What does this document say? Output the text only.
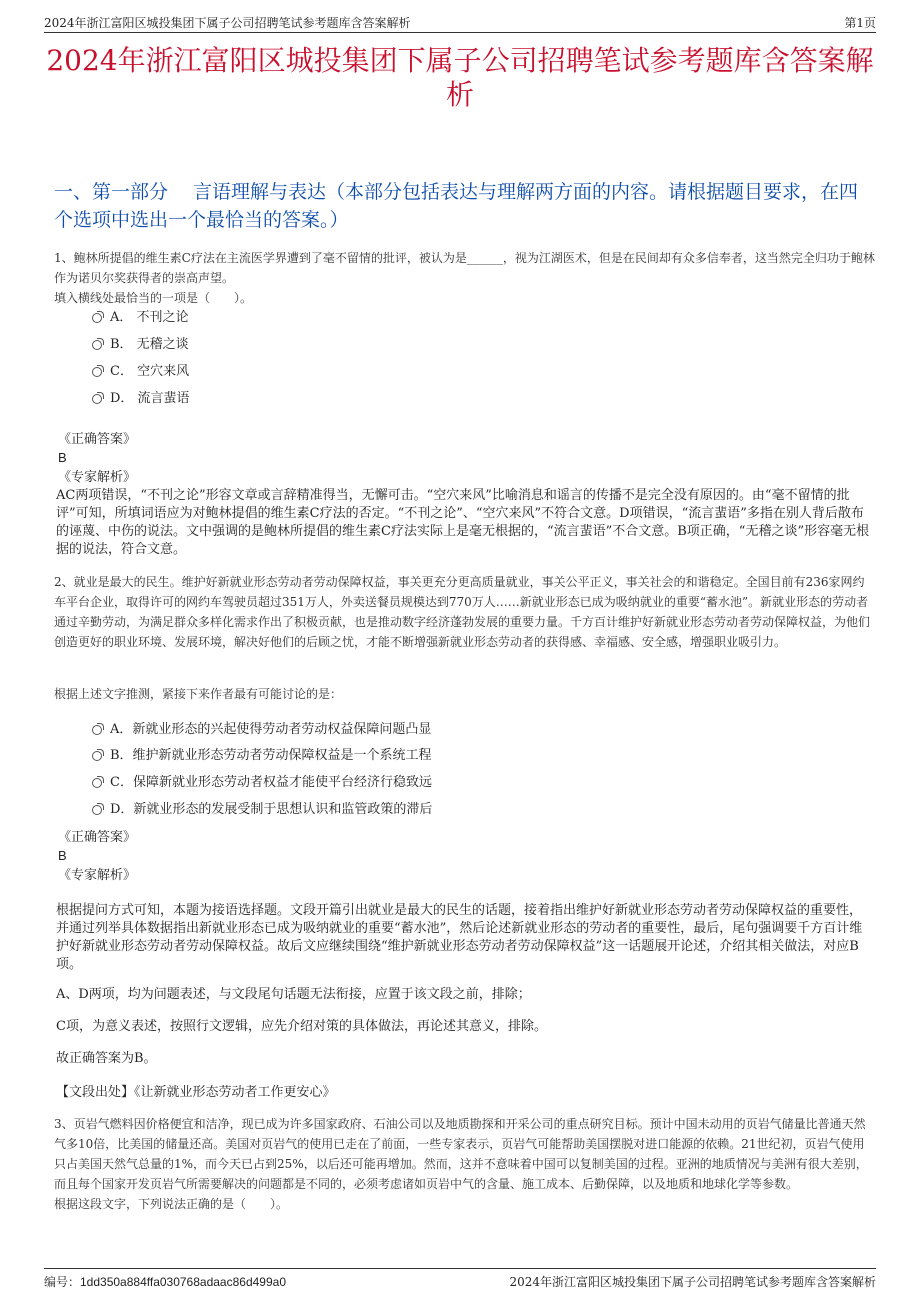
2024年浙江富阳区城投集团下属子公司招聘笔试参考题库含答案解析	第1页
2024年浙江富阳区城投集团下属子公司招聘笔试参考题库含答案解析
一、第一部分　 言语理解与表达（本部分包括表达与理解两方面的内容。请根据题目要求，在四个选项中选出一个最恰当的答案。）

1、鲍林所提倡的维生素C疗法在主流医学界遭到了毫不留情的批评，被认为是______，视为江湖医术，但是在民间却有众多信奉者，这当然完全归功于鲍林作为诺贝尔奖获得者的崇高声望。

填入横线处最恰当的一项是（　　）。

A． 不刊之论
B． 无稽之谈
C． 空穴来风
D． 流言蜚语
《正确答案》
B
《专家解析》

AC两项错误，“不刊之论”形容文章或言辞精准得当，无懈可击。“空穴来风”比喻消息和谣言的传播不是完全没有原因的。由“毫不留情的批评”可知，所填词语应为对鲍林提倡的维生素C疗法的否定。“不刊之论”、“空穴来风”不符合文意。D项错误，“流言蜚语”多指在别人背后散布的诬蔑、中伤的说法。文中强调的是鲍林所提倡的维生素C疗法实际上是毫无根据的，“流言蜚语”不合文意。B项正确，“无稽之谈”形容毫无根据的说法，符合文意。

2、就业是最大的民生。维护好新就业形态劳动者劳动保障权益，事关更充分更高质量就业，事关公平正义，事关社会的和谐稳定。全国目前有236家网约车平台企业，取得许可的网约车驾驶员超过351万人，外卖送餐员规模达到770万人……新就业形态已成为吸纳就业的重要“蓄水池”。新就业形态的劳动者通过辛勤劳动，为满足群众多样化需求作出了积极贡献，也是推动数字经济蓬勃发展的重要力量。千方百计维护好新就业形态劳动者劳动保障权益，为他们创造更好的职业环境、发展环境，解决好他们的后顾之忧，才能不断增强新就业形态劳动者的获得感、幸福感、安全感，增强职业吸引力。

根据上述文字推测，紧接下来作者最有可能讨论的是：

A．新就业形态的兴起使得劳动者劳动权益保障问题凸显
B．维护新就业形态劳动者劳动保障权益是一个系统工程
C．保障新就业形态劳动者权益才能使平台经济行稳致远
D．新就业形态的发展受制于思想认识和监管政策的滞后
《正确答案》
B
《专家解析》

根据提问方式可知，本题为接语选择题。文段开篇引出就业是最大的民生的话题，接着指出维护好新就业形态劳动者劳动保障权益的重要性，并通过列举具体数据指出新就业形态已成为吸纳就业的重要“蓄水池”，然后论述新就业形态的劳动者的重要性，最后，尾句强调要千方百计维护好新就业形态劳动者劳动保障权益。故后文应继续围绕“维护新就业形态劳动者劳动保障权益”这一话题展开论述，介绍其相关做法，对应B项。

A、D两项，均为问题表述，与文段尾句话题无法衔接，应置于该文段之前，排除；

C项，为意义表述，按照行文逻辑，应先介绍对策的具体做法，再论述其意义，排除。

故正确答案为B。

【文段出处】《让新就业形态劳动者工作更安心》

3、页岩气燃料因价格便宜和洁净，现已成为许多国家政府、石油公司以及地质勘探和开采公司的重点研究目标。预计中国未动用的页岩气储量比普通天然气多10倍，比美国的储量还高。美国对页岩气的使用已走在了前面，一些专家表示，页岩气可能帮助美国摆脱对进口能源的依赖。21世纪初，页岩气使用只占美国天然气总量的1%，而今天已占到25%，以后还可能再增加。然而，这并不意味着中国可以复制美国的过程。亚洲的地质情况与美洲有很大差别，而且每个国家开发页岩气所需要解决的问题都是不同的，必须考虑诸如页岩中气的含量、施工成本、后勤保障，以及地质和地球化学等参数。

根据这段文字，下列说法正确的是（　　）。

编号：1dd350a884ffa030768adaac86d499a0	2024年浙江富阳区城投集团下属子公司招聘笔试参考题库含答案解析
